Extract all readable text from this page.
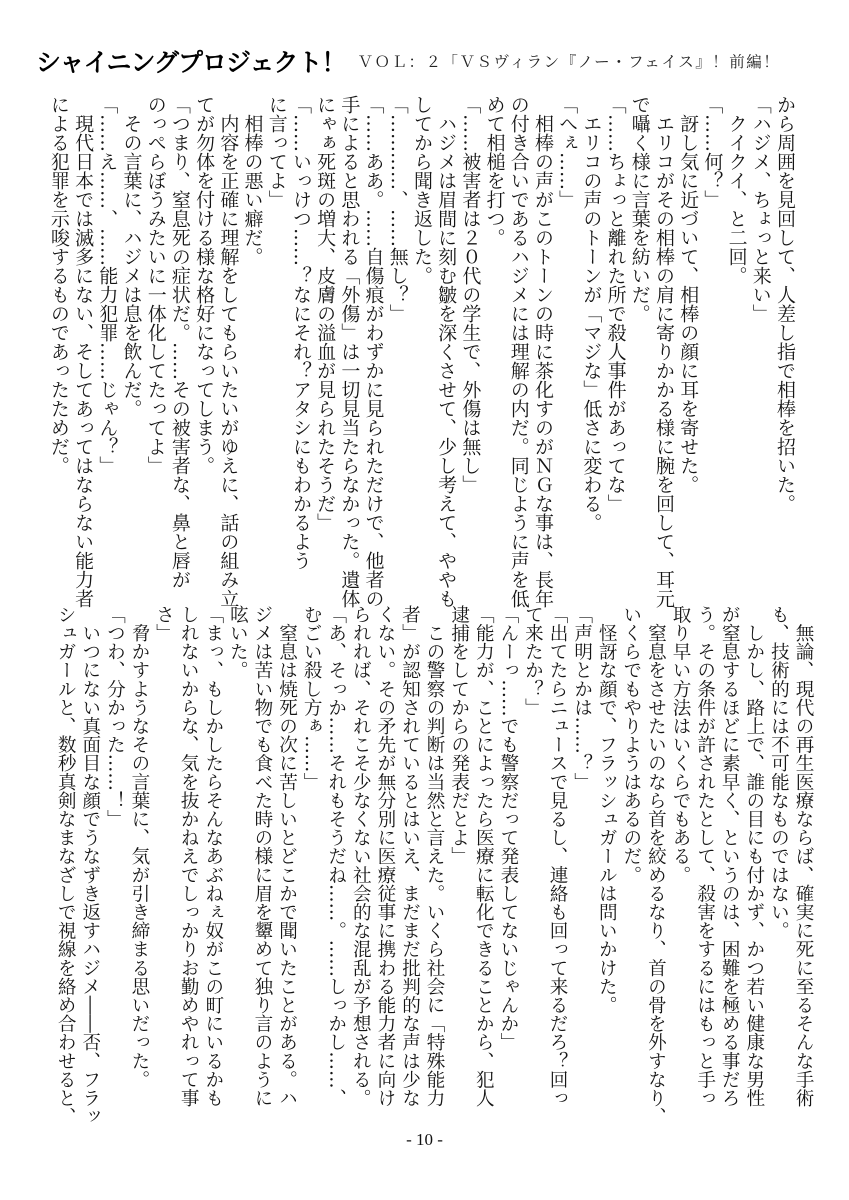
シャイニングプロジェクト！ ＶＯＬ：２「ＶＳヴィラン『ノー・フェイス』！前編！
から周囲を見回して、人差し指で相棒を招いた。
「ハジメ、ちょっと来い」
　クイクイ、と二回。
「……何？」
　訝し気に近づいて、相棒の顔に耳を寄せた。
　エリコがその相棒の肩に寄りかかる様に腕を回して、耳元
で囁く様に言葉を紡いだ。
「……ちょっと離れた所で殺人事件があってな」
　エリコの声のトーンが「マジな」低さに変わる。
「へぇ……」
　相棒の声がこのトーンの時に茶化すのがＮＧな事は、長年
の付き合いであるハジメには理解の内だ。同じように声を低
めて相槌を打つ。
「……被害者は２０代の学生で、外傷は無し」
　ハジメは眉間に刻む皺を深くさせて、少し考えて、ややも
してから聞き返した。
「…………、……無し？」
「……ああ。……自傷痕がわずかに見られただけで、他者の
手によると思われる「外傷」は一切見当たらなかった。遺体
にゃぁ死斑の増大、皮膚の溢血が見られたそうだ」
「……いっけつ……？なにそれ？アタシにもわかるよう
に言ってよ」
　相棒の悪い癖だ。
　内容を正確に理解をしてもらいたいがゆえに、話の組み立
てが勿体を付ける様な格好になってしまう。
「つまり、窒息死の症状だ。……その被害者な、鼻と唇が
のっぺらぼうみたいに一体化してたってよ」
　その言葉に、ハジメは息を飲んだ。
「……え……、……能力犯罪……じゃん？」
　現代日本では滅多にない、そしてあってはならない能力者
による犯罪を示唆するものであったためだ。
　無論、現代の再生医療ならば、確実に死に至るそんな手術
も、技術的には不可能なものではない。
　しかし、路上で、誰の目にも付かず、かつ若い健康な男性
が窒息するほどに素早く、というのは、困難を極める事だろ
う。その条件が許されたとして、殺害をするにはもっと手っ
取り早い方法はいくらでもある。
　窒息をさせたいのなら首を絞めるなり、首の骨を外すなり、
いくらでもやりようはあるのだ。
　怪訝な顔で、フラッシュガールは問いかけた。
「声明とかは……？」
「出てたらニュースで見るし、連絡も回って来るだろ？回っ
て来たか？」
「んーっ……でも警察だって発表してないじゃんか」
「能力が、ことによったら医療に転化できることから、犯人
逮捕をしてからの発表だとよ」
　この警察の判断は当然と言えた。いくら社会に「特殊能力
者」が認知されているとはいえ、まだまだ批判的な声は少な
くない。その矛先が無分別に医療従事に携わる能力者に向け
られれば、それこそ少なくない社会的な混乱が予想される。
「あ、そっか……それもそうだね……。……しっかし……、
むごい殺し方ぁ……」
　窒息は焼死の次に苦しいとどこかで聞いたことがある。ハ
ジメは苦い物でも食べた時の様に眉を顰めて独り言のように
呟いた。
「まっ、もしかしたらそんなあぶねぇ奴がこの町にいるかも
しれないからな、気を抜かねえでしっかりお勤めやれって事
さ」
　脅かすようなその言葉に、気が引き締まる思いだった。
「つわ、分かった……！」
　いつにない真面目な顔でうなずき返すハジメ――否、フラッ
シュガールと、数秒真剣なまなざしで視線を絡め合わせると、
- 10 -
